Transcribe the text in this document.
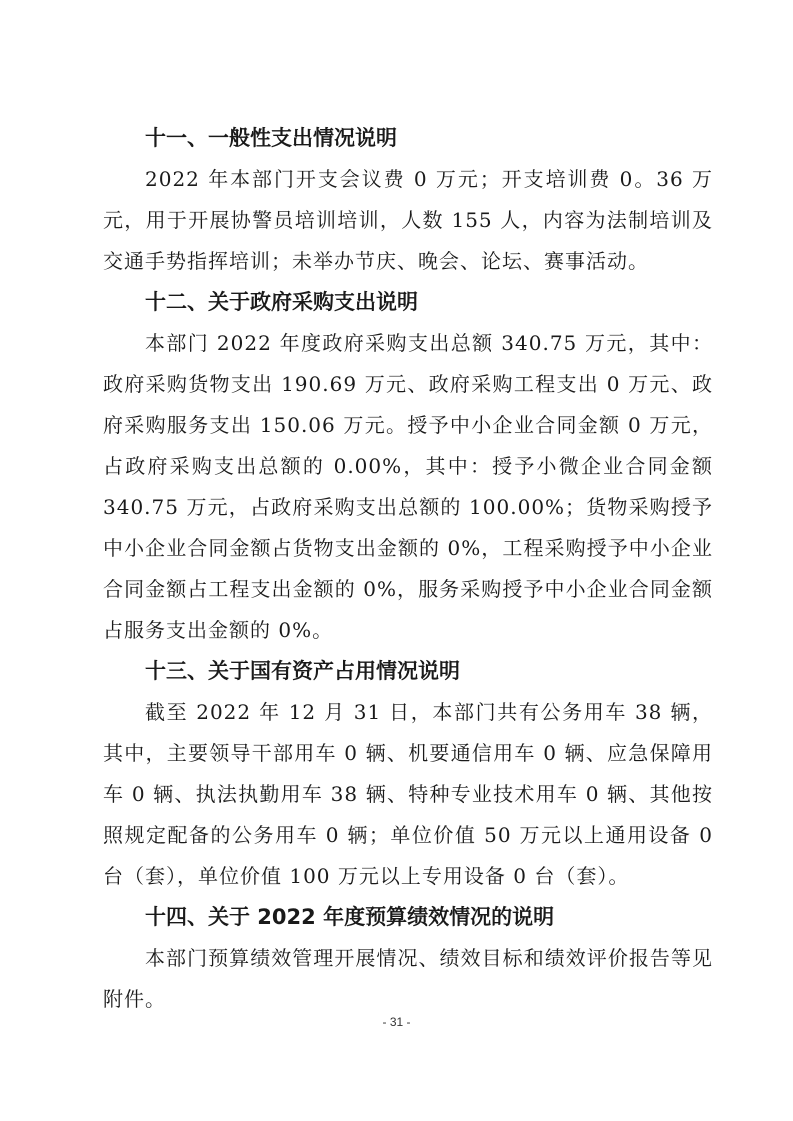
十一、一般性支出情况说明

2022 年本部门开支会议费 0 万元；开支培训费 0。36 万元，用于开展协警员培训培训，人数 155 人，内容为法制培训及交通手势指挥培训；未举办节庆、晚会、论坛、赛事活动。

十二、关于政府采购支出说明

本部门 2022 年度政府采购支出总额 340.75 万元，其中：政府采购货物支出 190.69 万元、政府采购工程支出 0 万元、政府采购服务支出 150.06 万元。授予中小企业合同金额 0 万元，占政府采购支出总额的 0.00%，其中：授予小微企业合同金额 340.75 万元，占政府采购支出总额的 100.00%；货物采购授予中小企业合同金额占货物支出金额的 0%，工程采购授予中小企业合同金额占工程支出金额的 0%，服务采购授予中小企业合同金额占服务支出金额的 0%。

十三、关于国有资产占用情况说明

截至 2022 年 12 月 31 日，本部门共有公务用车 38 辆，其中，主要领导干部用车 0 辆、机要通信用车 0 辆、应急保障用车 0 辆、执法执勤用车 38 辆、特种专业技术用车 0 辆、其他按照规定配备的公务用车 0 辆；单位价值 50 万元以上通用设备 0 台（套），单位价值 100 万元以上专用设备 0 台（套）。

十四、关于 2022 年度预算绩效情况的说明

本部门预算绩效管理开展情况、绩效目标和绩效评价报告等见附件。

- 31 -
